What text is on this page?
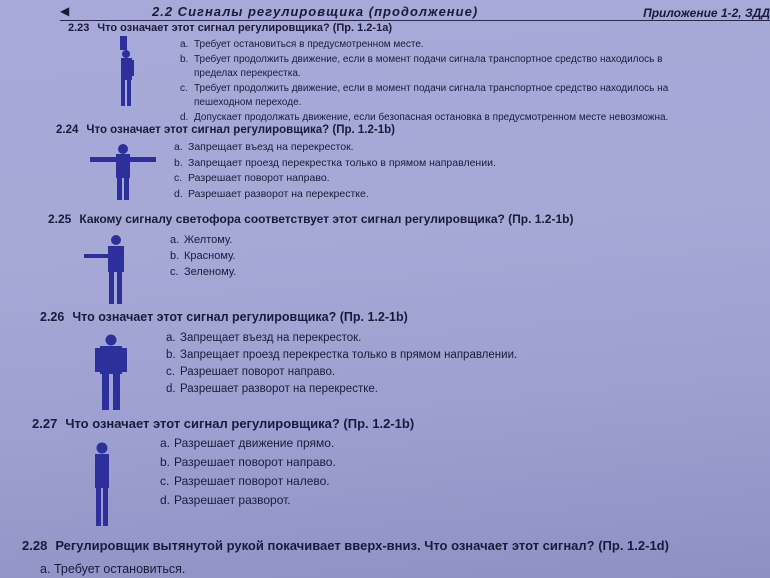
◀	2.2 Сигналы регулировщика (продолжение)	Приложение 1-2, ЗДД
2.23 Что означает этот сигнал регулировщика? (Пр. 1.2-1а)
a. Требует остановиться в предусмотренном месте.
b. Требует продолжить движение, если в момент подачи сигнала транспортное средство находилось в
пределах перекрестка.
c. Требует продолжить движение, если в момент подачи сигнала транспортное средство находилось на
пешеходном переходе.
d. Допускает продолжать движение, если безопасная остановка в предусмотренном месте невозможна.
2.24 Что означает этот сигнал регулировщика? (Пр. 1.2-1b)
a. Запрещает въезд на перекресток.
b. Запрещает проезд перекрестка только в прямом направлении.
c. Разрешает поворот направо.
d. Разрешает разворот на перекрестке.
2.25 Какому сигналу светофора соответствует этот сигнал регулировщика? (Пр. 1.2-1b)
a. Желтому.
b. Красному.
c. Зеленому.
2.26 Что означает этот сигнал регулировщика? (Пр. 1.2-1b)
a. Запрещает въезд на перекресток.
b. Запрещает проезд перекрестка только в прямом направлении.
c. Разрешает поворот направо.
d. Разрешает разворот на перекрестке.
2.27 Что означает этот сигнал регулировщика? (Пр. 1.2-1b)
a. Разрешает движение прямо.
b. Разрешает поворот направо.
c. Разрешает поворот налево.
d. Разрешает разворот.
2.28 Регулировщик вытянутой рукой покачивает вверх-вниз. Что означает этот сигнал? (Пр. 1.2-1d)
a. Требует остановиться.
